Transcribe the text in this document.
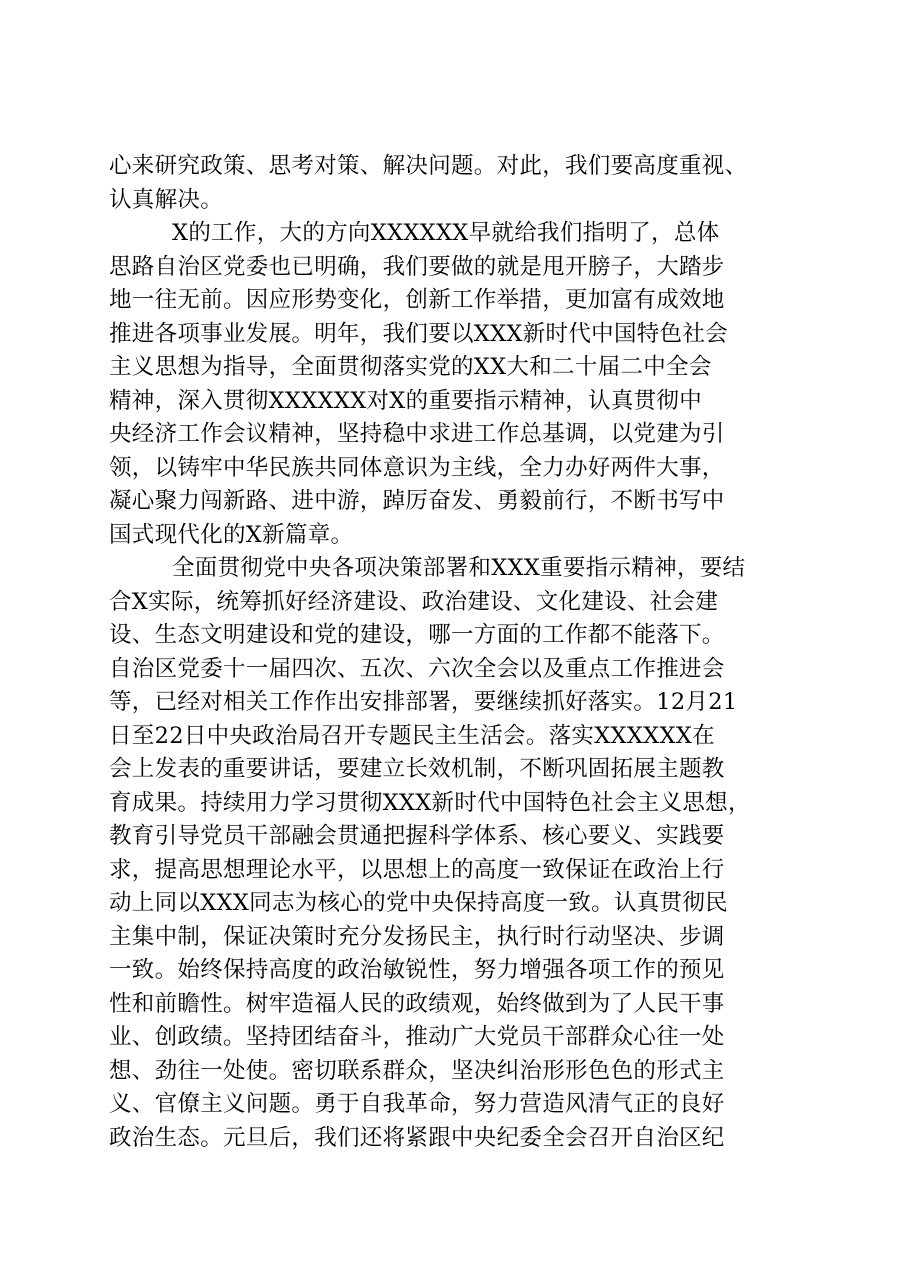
心来研究政策、思考对策、解决问题。对此，我们要高度重视、
认真解决。
X的工作，大的方向XXXXXX早就给我们指明了，总体
思路自治区党委也已明确，我们要做的就是甩开膀子，大踏步
地一往无前。因应形势变化，创新工作举措，更加富有成效地
推进各项事业发展。明年，我们要以XXX新时代中国特色社会
主义思想为指导，全面贯彻落实党的XX大和二十届二中全会
精神，深入贯彻XXXXXX对X的重要指示精神，认真贯彻中
央经济工作会议精神，坚持稳中求进工作总基调，以党建为引
领，以铸牢中华民族共同体意识为主线，全力办好两件大事，
凝心聚力闯新路、进中游，踔厉奋发、勇毅前行，不断书写中
国式现代化的X新篇章。
全面贯彻党中央各项决策部署和XXX重要指示精神，要结
合X实际，统筹抓好经济建设、政治建设、文化建设、社会建
设、生态文明建设和党的建设，哪一方面的工作都不能落下。
自治区党委十一届四次、五次、六次全会以及重点工作推进会
等，已经对相关工作作出安排部署，要继续抓好落实。12月21
日至22日中央政治局召开专题民主生活会。落实XXXXXX在
会上发表的重要讲话，要建立长效机制，不断巩固拓展主题教
育成果。持续用力学习贯彻XXX新时代中国特色社会主义思想，
教育引导党员干部融会贯通把握科学体系、核心要义、实践要
求，提高思想理论水平，以思想上的高度一致保证在政治上行
动上同以XXX同志为核心的党中央保持高度一致。认真贯彻民
主集中制，保证决策时充分发扬民主，执行时行动坚决、步调
一致。始终保持高度的政治敏锐性，努力增强各项工作的预见
性和前瞻性。树牢造福人民的政绩观，始终做到为了人民干事
业、创政绩。坚持团结奋斗，推动广大党员干部群众心往一处
想、劲往一处使。密切联系群众，坚决纠治形形色色的形式主
义、官僚主义问题。勇于自我革命，努力营造风清气正的良好
政治生态。元旦后，我们还将紧跟中央纪委全会召开自治区纪
